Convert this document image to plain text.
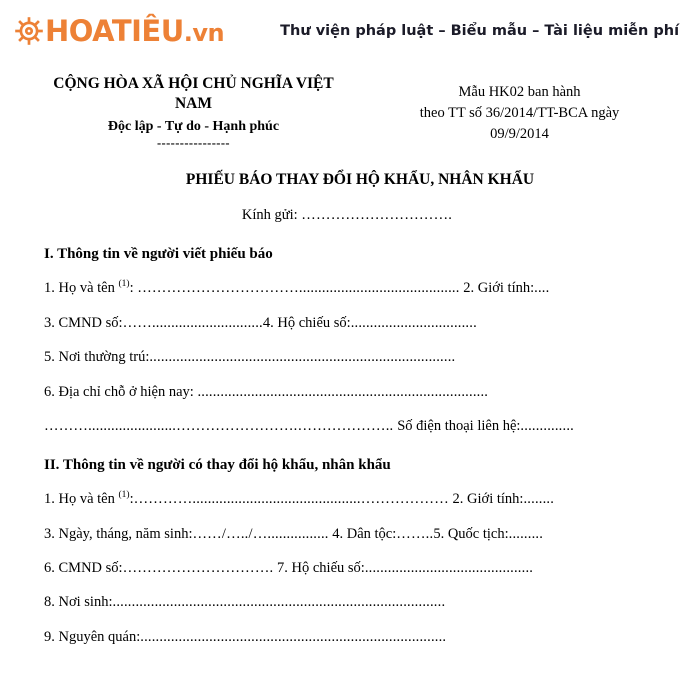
HOATIÊU.vn	Thư viện pháp luật – Biểu mẫu – Tài liệu miễn phí
CỘNG HÒA XÃ HỘI CHỦ NGHĨA VIỆT
NAM
Độc lập - Tự do - Hạnh phúc
----------------
Mẫu HK02 ban hành
theo TT số 36/2014/TT-BCA ngày
09/9/2014
PHIẾU BÁO THAY ĐỔI HỘ KHẨU, NHÂN KHẨU
Kính gửi: ………………………….
I. Thông tin về người viết phiếu báo
1. Họ và tên $^{(1)}$: …………………………….......................................... 2. Giới tính:....
3. CMND số:…….............................4. Hộ chiếu số:.................................
5. Nơi thường trú:................................................................................
6. Địa chỉ chỗ ở hiện nay: ............................................................................
……….......................…………………….……………….. Số điện thoại liên hệ:..............
II. Thông tin về người có thay đổi hộ khẩu, nhân khẩu
1. Họ và tên $^{(1)}$:…………............................................……………… 2. Giới tính:........
3. Ngày, tháng, năm sinh:……/…../…................ 4. Dân tộc:……..5. Quốc tịch:.........
6. CMND số:…………………………. 7. Hộ chiếu số:............................................
8. Nơi sinh:.......................................................................................
9. Nguyên quán:................................................................................
